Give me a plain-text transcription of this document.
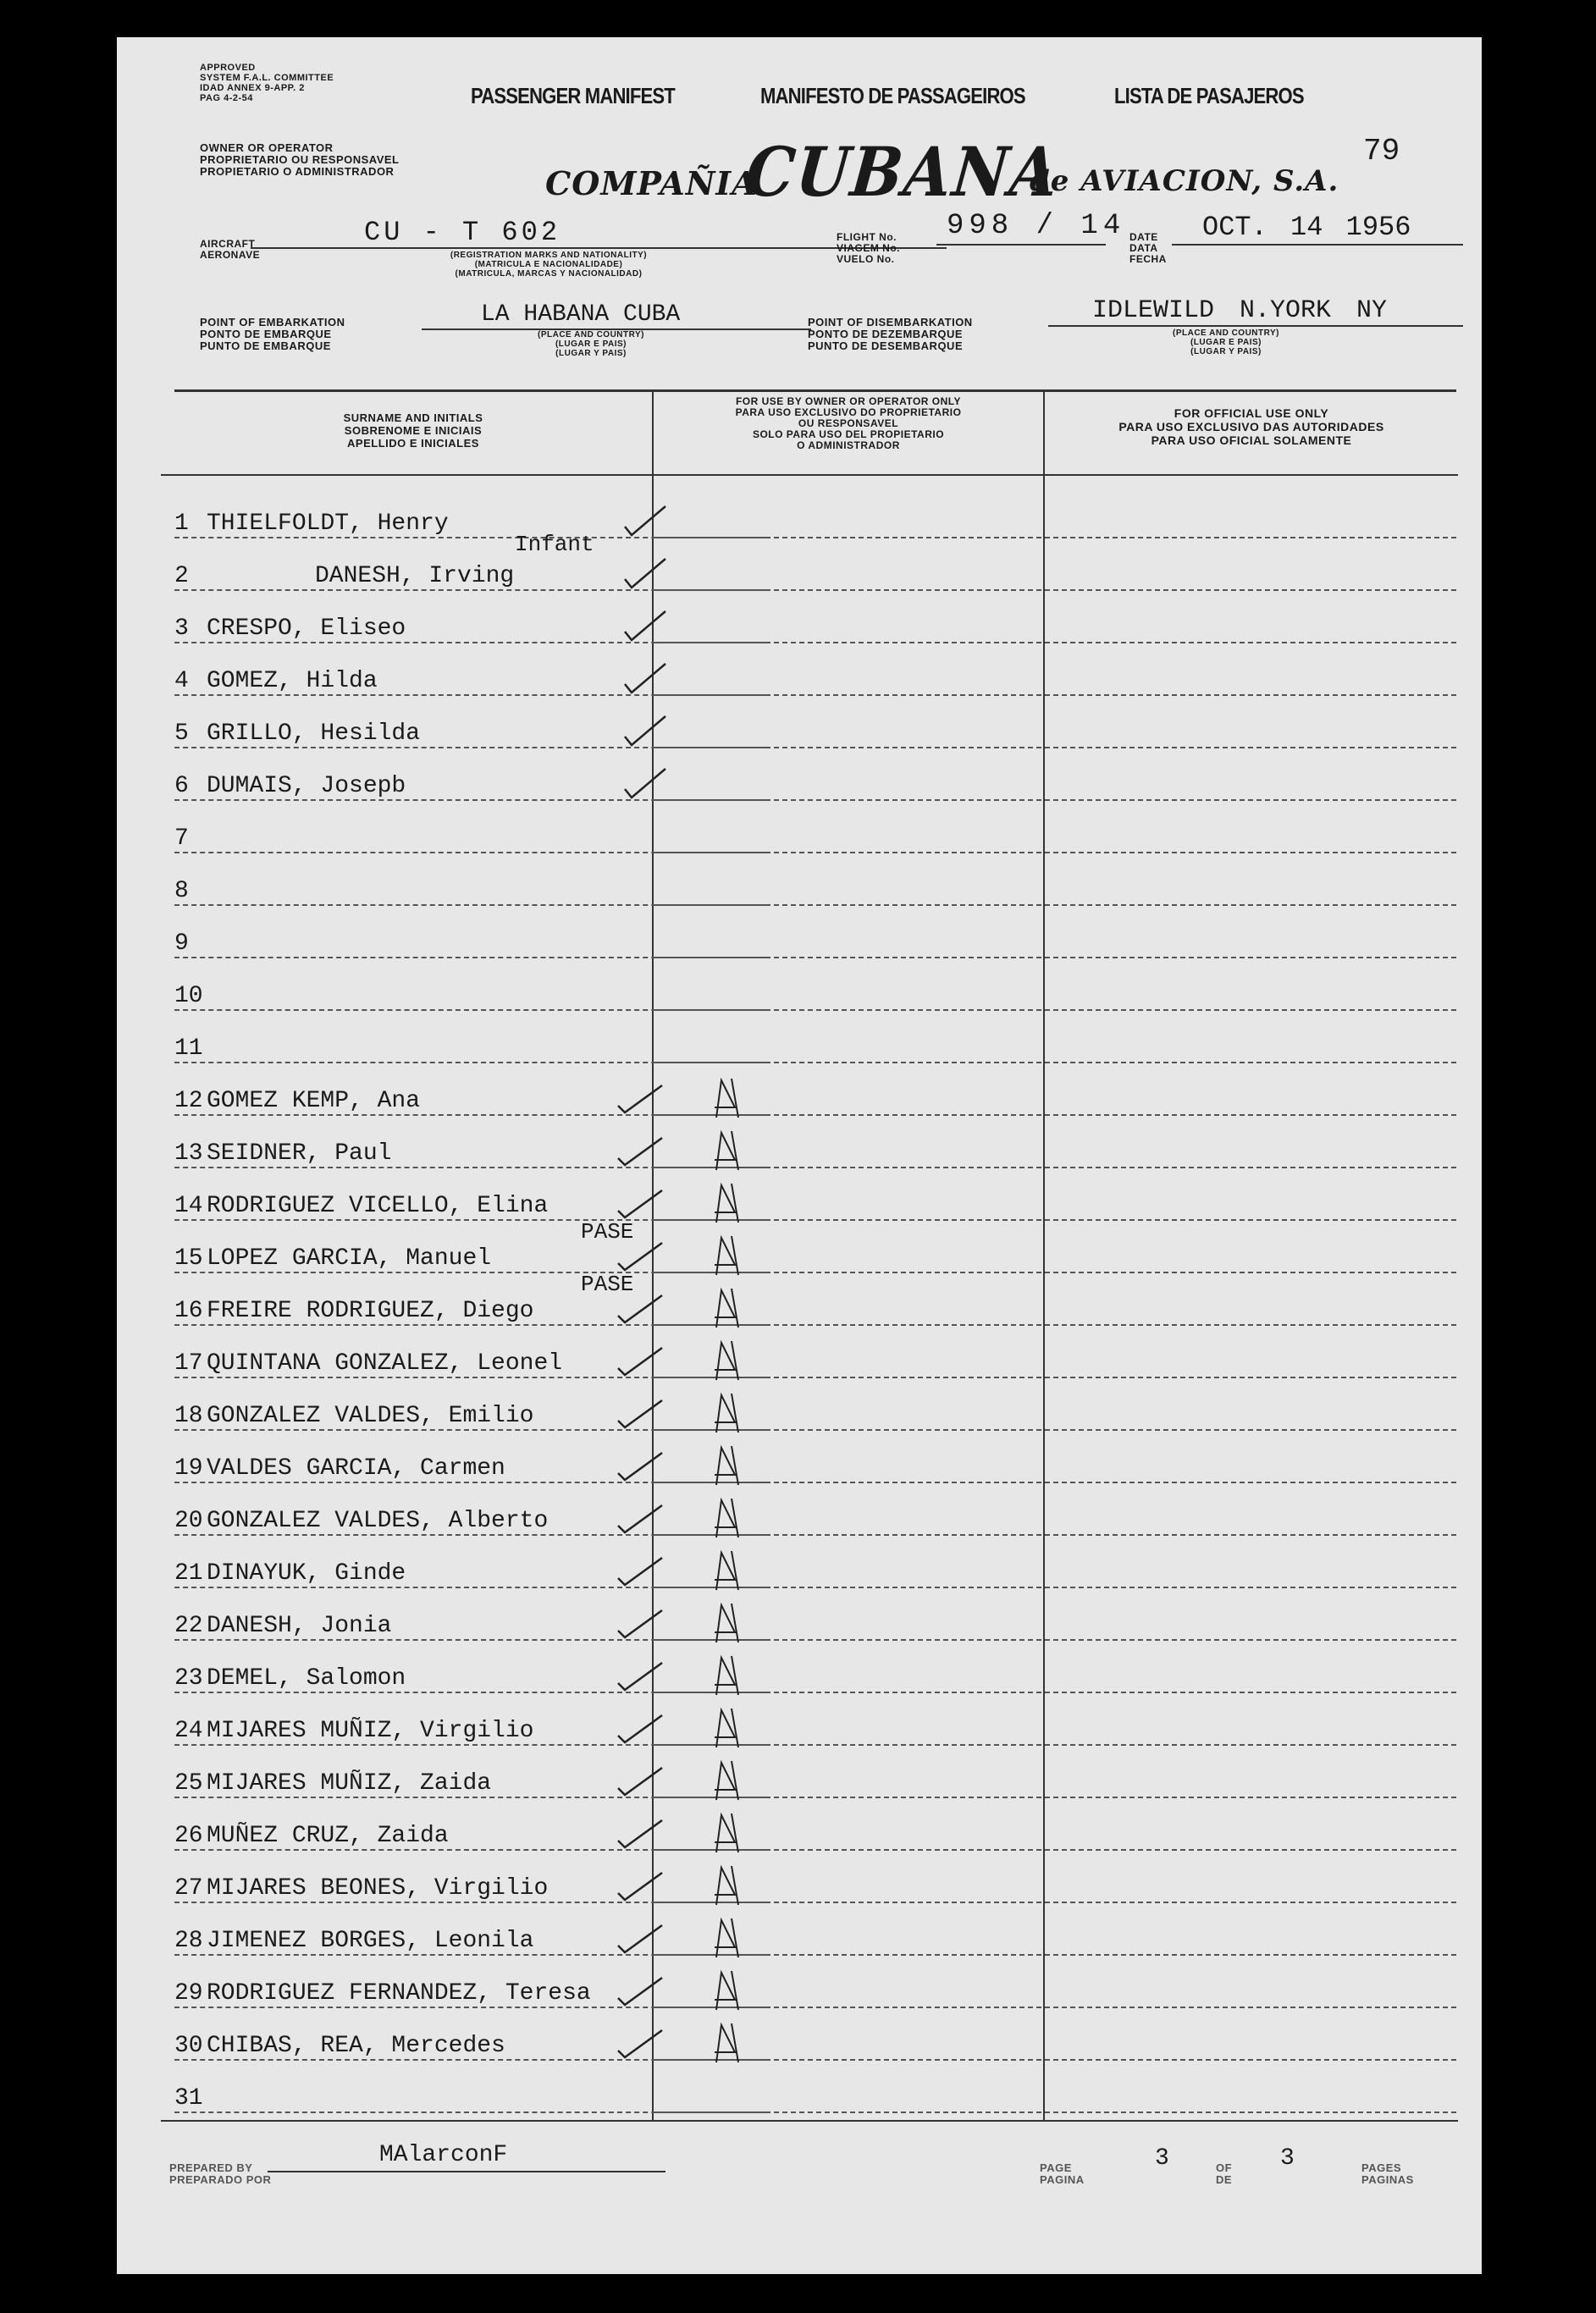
APPROVED
SYSTEM F.A.L. COMMITTEE
IDAD ANNEX 9-APP. 2
PAG 4-2-54	PASSENGER MANIFEST	MANIFESTO DE PASSAGEIROS	LISTA DE PASAJEROS
79
OWNER OR OPERATOR
PROPRIETARIO OU RESPONSAVEL
PROPIETARIO O ADMINISTRADOR	COMPAÑIA
CUBANA
de AVIACION, S.A.
AIRCRAFT
AERONAVE
CU - T 602
(REGISTRATION MARKS AND NATIONALITY)
(MATRICULA E NACIONALIDADE)
(MATRICULA, MARCAS Y NACIONALIDAD)
FLIGHT No.
VIAGEM No.
VUELO No.
998 / 14 DATE
DATA
FECHA
OCT. 14 1956
POINT OF EMBARKATION
PONTO DE EMBARQUE
PUNTO DE EMBARQUE
LA HABANA CUBA
(PLACE AND COUNTRY)
(LUGAR E PAIS)
(LUGAR Y PAIS)
POINT OF DISEMBARKATION
PONTO DE DEZEMBARQUE
PUNTO DE DESEMBARQUE
IDLEWILD N.YORK NY
(PLACE AND COUNTRY)
(LUGAR E PAIS)
(LUGAR Y PAIS)
SURNAME AND INITIALS
SOBRENOME E INICIAIS
APELLIDO E INICIALES
FOR USE BY OWNER OR OPERATOR ONLY
PARA USO EXCLUSIVO DO PROPRIETARIO
OU RESPONSAVEL
SOLO PARA USO DEL PROPIETARIO
O ADMINISTRADOR
FOR OFFICIAL USE ONLY
PARA USO EXCLUSIVO DAS AUTORIDADES
PARA USO OFICIAL SOLAMENTE
1 THIELFOLDT, Henry
2	DANESH, Irving
Infant
3 CRESPO, Eliseo
4 GOMEZ, Hilda
5 GRILLO, Hesilda
6 DUMAIS, Josepb
7
8
9
10
11
12 GOMEZ KEMP, Ana
13 SEIDNER, Paul
14 RODRIGUEZ VICELLO, Elina
15 LOPEZ GARCIA, Manuel
PASE
16 FREIRE RODRIGUEZ, Diego
PASE
17 QUINTANA GONZALEZ, Leonel
18 GONZALEZ VALDES, Emilio
19 VALDES GARCIA, Carmen
20 GONZALEZ VALDES, Alberto
21 DINAYUK, Ginde
22 DANESH, Jonia
23 DEMEL, Salomon
24 MIJARES MUÑIZ, Virgilio
25 MIJARES MUÑIZ, Zaida
26 MUÑEZ CRUZ, Zaida
27 MIJARES BEONES, Virgilio
28 JIMENEZ BORGES, Leonila
29 RODRIGUEZ FERNANDEZ, Teresa
30 CHIBAS, REA, Mercedes
31
PREPARED BY
PREPARADO POR
MAlarconF	PAGE
PAGINA
3	OF
DE
3	PAGES
PAGINAS
